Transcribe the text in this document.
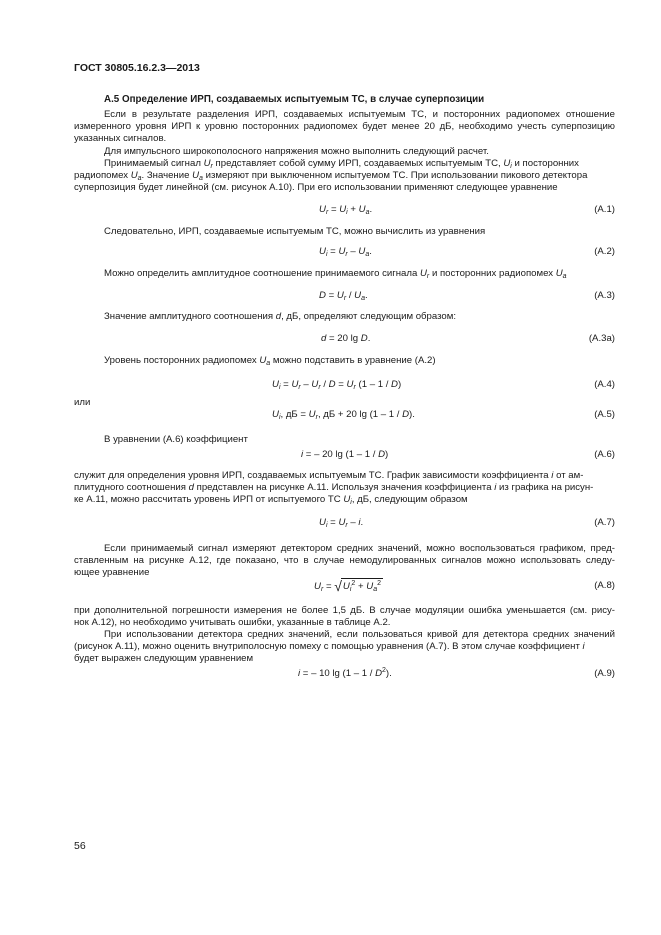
ГОСТ 30805.16.2.3—2013
А.5 Определение ИРП, создаваемых испытуемым ТС, в случае суперпозиции
Если в результате разделения ИРП, создаваемых испытуемым ТС, и посторонних радиопомех отношение
измеренного уровня ИРП к уровню посторонних радиопомех будет менее 20 дБ, необходимо учесть суперпозицию
указанных сигналов.
Для импульсного широкополосного напряжения можно выполнить следующий расчет.
Принимаемый сигнал $U_r$ представляет собой сумму ИРП, создаваемых испытуемым ТС, $U_i$ и посторонних
радиопомех $U_a$. Значение $U_a$ измеряют при выключенном испытуемом ТС. При использовании пикового детектора
суперпозиция будет линейной (см. рисунок А.10). При его использовании применяют следующее уравнение
$U_r = U_i + U_a$.	(А.1)
Следовательно, ИРП, создаваемые испытуемым ТС, можно вычислить из уравнения
$U_i = U_r - U_a$.	(А.2)
Можно определить амплитудное соотношение принимаемого сигнала $U_r$ и посторонних радиопомех $U_a$
$D = U_r / U_a$.	(А.3)
Значение амплитудного соотношения d, дБ, определяют следующим образом:
d = 20 lg D.	(А.3а)
Уровень посторонних радиопомех $U_a$ можно подставить в уравнение (А.2)
$U_i = U_r - U_r / D = U_r$ (1 – 1 / D)	(А.4)
или
$U_i$, дБ = $U_r$, дБ + 20 lg (1 – 1 / D).	(А.5)
В уравнении (А.6) коэффициент
i = – 20 lg (1 – 1 / D)	(А.6)
служит для определения уровня ИРП, создаваемых испытуемым ТС. График зависимости коэффициента i от ам-
плитудного соотношения d представлен на рисунке А.11. Используя значения коэффициента i из графика на рисун-
ке А.11, можно рассчитать уровень ИРП от испытуемого ТС $U_i$, дБ, следующим образом
$U_i = U_r - i$.	(А.7)
Если принимаемый сигнал измеряют детектором средних значений, можно воспользоваться графиком, пред-
ставленным на рисунке А.12, где показано, что в случае немодулированных сигналов можно использовать следу-
ющее уравнение
$U_r = √U_i^2 + U_a^2$	(А.8)
при дополнительной погрешности измерения не более 1,5 дБ. В случае модуляции ошибка уменьшается (см. рису-
нок А.12), но необходимо учитывать ошибки, указанные в таблице А.2.
При использовании детектора средних значений, если пользоваться кривой для детектора средних значений
(рисунок А.11), можно оценить внутриполосную помеху с помощью уравнения (А.7). В этом случае коэффициент i
будет выражен следующим уравнением
i = – 10 $\lg (1 - 1 / D^2)$.	(А.9)
56
